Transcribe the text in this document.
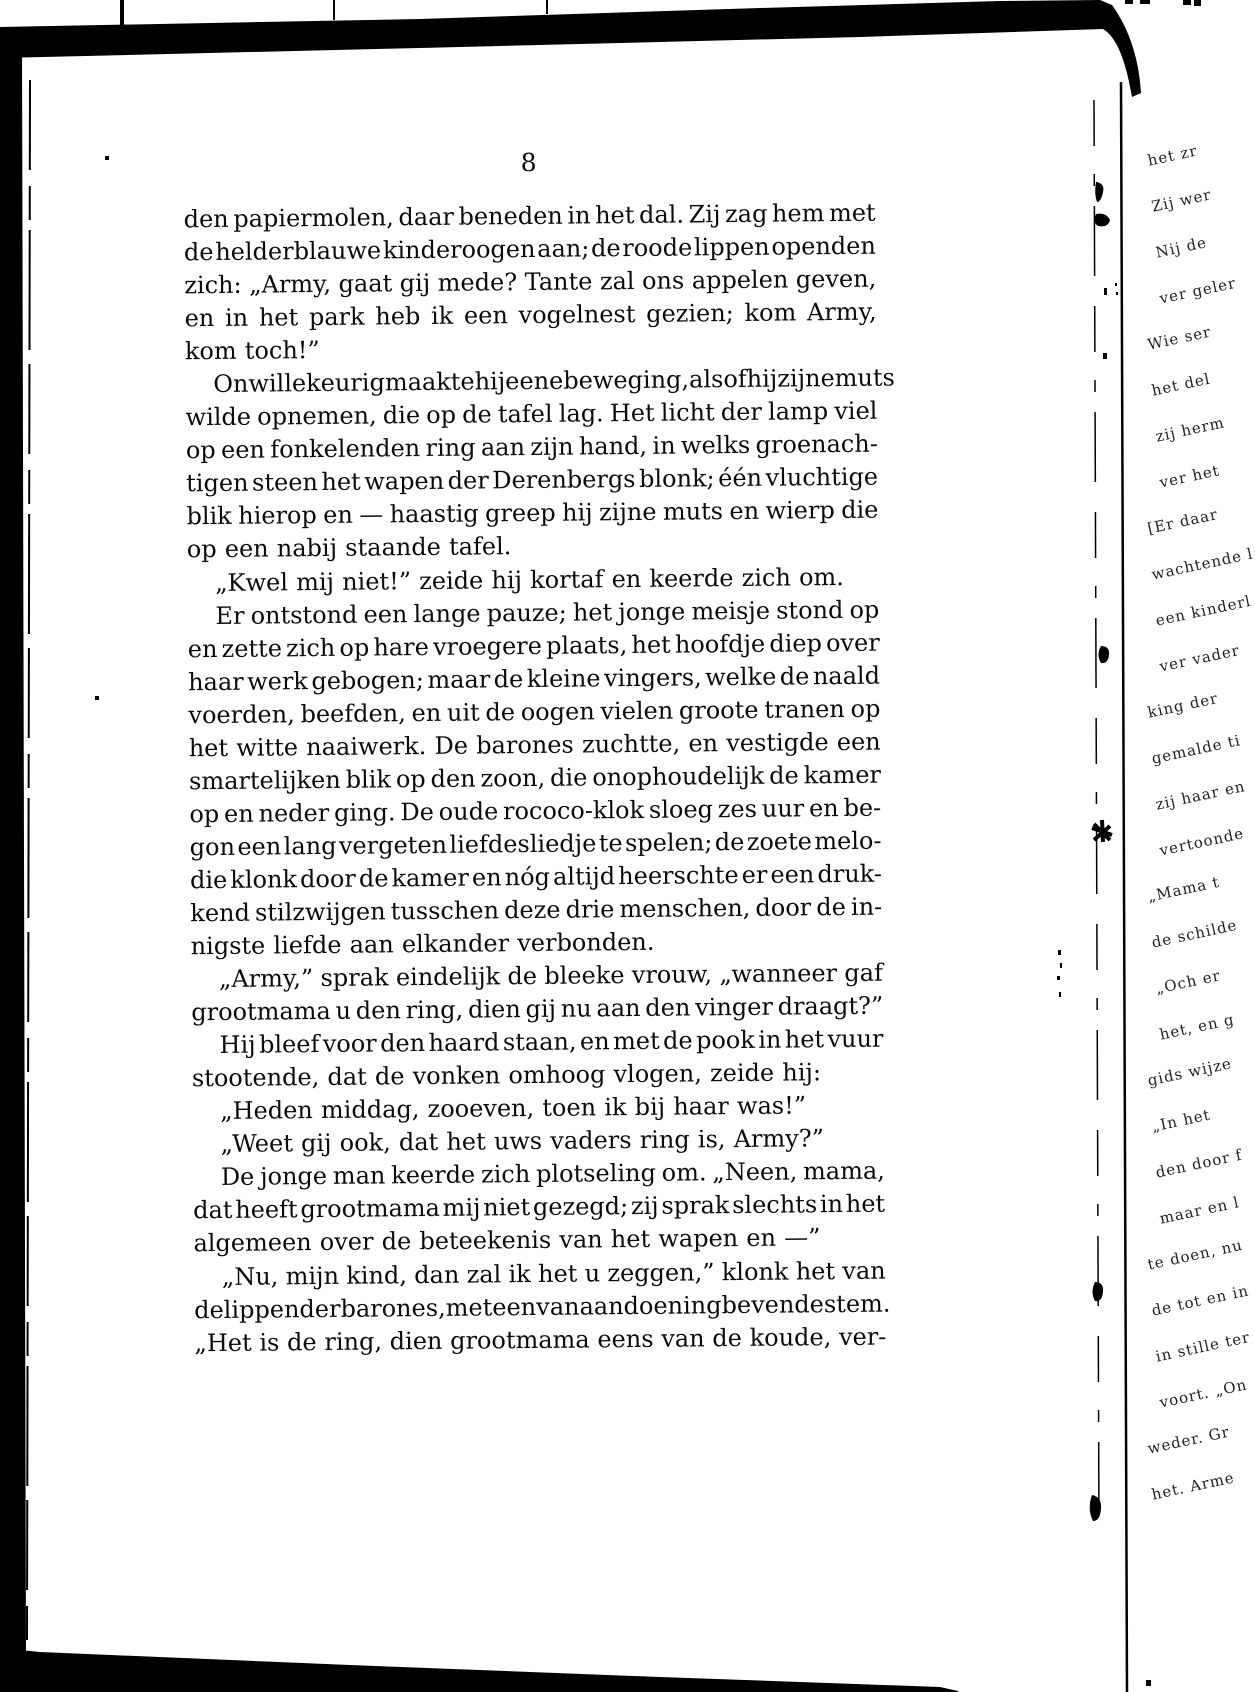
8
den papiermolen, daar beneden in het dal. Zij zag hem met
de helderblauwe kinderoogen aan; de roode lippen openden
zich: „Army, gaat gij mede? Tante zal ons appelen geven,
en in het park heb ik een vogelnest gezien; kom Army,
kom toch!”
Onwillekeurig maakte hij eene beweging, alsof hij zijne muts
wilde opnemen, die op de tafel lag. Het licht der lamp viel
op een fonkelenden ring aan zijn hand, in welks groenach-
tigen steen het wapen der Derenbergs blonk; één vluchtige
blik hierop en — haastig greep hij zijne muts en wierp die
op een nabij staande tafel.
„Kwel mij niet!” zeide hij kortaf en keerde zich om.
Er ontstond een lange pauze; het jonge meisje stond op
en zette zich op hare vroegere plaats, het hoofdje diep over
haar werk gebogen; maar de kleine vingers, welke de naald
voerden, beefden, en uit de oogen vielen groote tranen op
het witte naaiwerk. De barones zuchtte, en vestigde een
smartelijken blik op den zoon, die onophoudelijk de kamer
op en neder ging. De oude rococo-klok sloeg zes uur en be-
gon een lang vergeten liefdesliedje te spelen; de zoete melo-
die klonk door de kamer en nóg altijd heerschte er een druk-
kend stilzwijgen tusschen deze drie menschen, door de in-
nigste liefde aan elkander verbonden.
„Army,” sprak eindelijk de bleeke vrouw, „wanneer gaf
grootmama u den ring, dien gij nu aan den vinger draagt?”
Hij bleef voor den haard staan, en met de pook in het vuur
stootende, dat de vonken omhoog vlogen, zeide hij:
„Heden middag, zooeven, toen ik bij haar was!”
„Weet gij ook, dat het uws vaders ring is, Army?”
De jonge man keerde zich plotseling om. „Neen, mama,
dat heeft grootmama mij niet gezegd; zij sprak slechts in het
algemeen over de beteekenis van het wapen en —”
„Nu, mijn kind, dan zal ik het u zeggen,” klonk het van
de lippen der barones, met een van aandoening bevende stem.
„Het is de ring, dien grootmama eens van de koude, ver-
het zr
Zij wer
Nij de
ver geler
Wie ser
het del
zij herm
ver het
[Er daar
wachtende l
een kinderl
ver vader
king der
gemalde ti
zij haar en
vertoonde
„Mama t
de schilde
„Och er
het, en g
gids wijze
„In het
den door f
maar en l
te doen, nu
de tot en in
in stille ter
voort. „On
weder. Gr
het. Arme
